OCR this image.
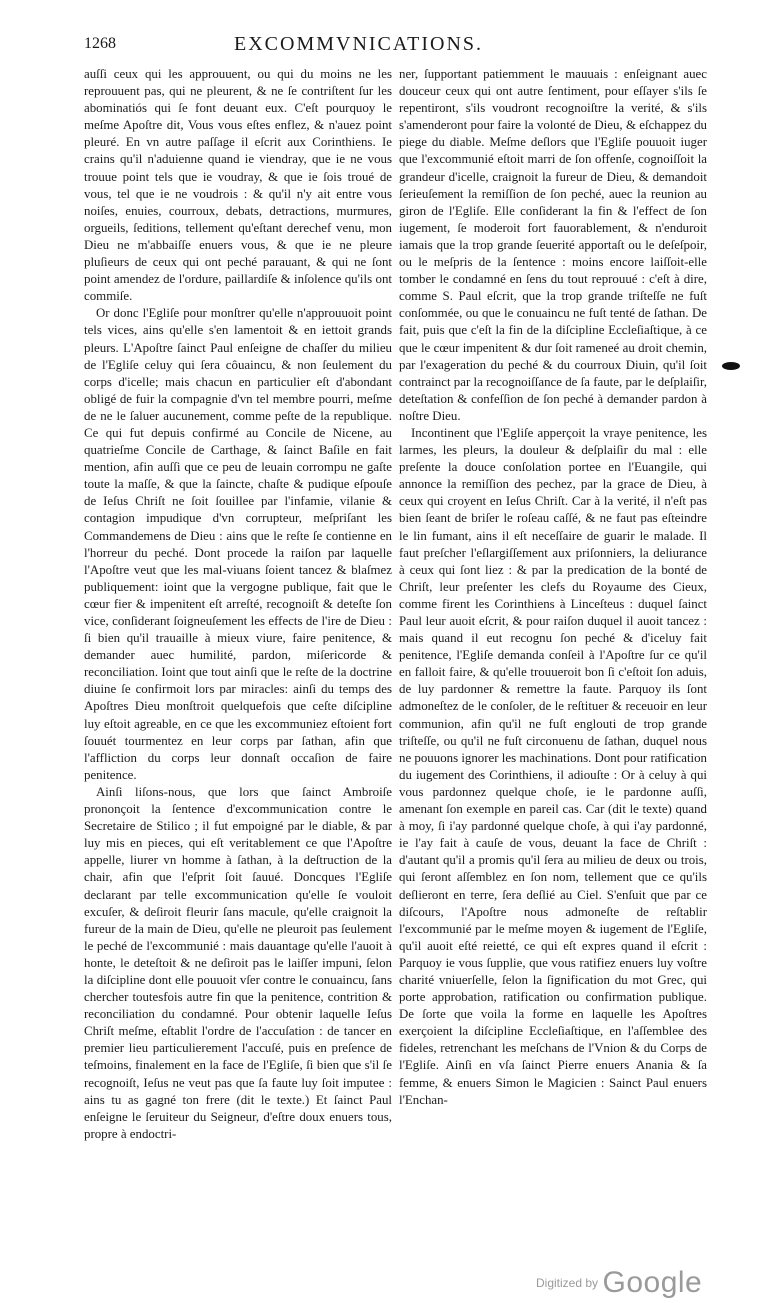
1268	EXCOMMVNICATIONS.

auſſi ceux qui les approuuent, ou qui du moins ne les reprouuent pas, qui ne pleurent, & ne ſe contriſtent ſur les abominatiós qui ſe font deuant eux. C'eſt pourquoy le meſme Apoſtre dit, Vous vous eſtes enflez, & n'auez point pleuré. En vn autre paſſage il eſcrit aux Corinthiens. Ie crains qu'il n'aduienne quand ie viendray, que ie ne vous trouue point tels que ie voudray, & que ie ſois troué de vous, tel que ie ne voudrois : & qu'il n'y ait entre vous noiſes, enuies, courroux, debats, detractions, murmures, orgueils, ſeditions, tellement qu'eſtant derechef venu, mon Dieu ne m'abbaiſſe enuers vous, & que ie ne pleure pluſieurs de ceux qui ont peché parauant, & qui ne ſont point amendez de l'ordure, paillardiſe & inſolence qu'ils ont commiſe.

Or donc l'Egliſe pour monſtrer qu'elle n'approuuoit point tels vices, ains qu'elle s'en lamentoit & en iettoit grands pleurs. L'Apoſtre ſainct Paul enſeigne de chaſſer du milieu de l'Egliſe celuy qui ſera côuaincu, & non ſeulement du corps d'icelle; mais chacun en particulier eſt d'abondant obligé de fuir la compagnie d'vn tel membre pourri, meſme de ne le ſaluer aucunement, comme peſte de la republique. Ce qui fut depuis confirmé au Concile de Nicene, au quatrieſme Concile de Carthage, & ſainct Baſile en fait mention, afin auſſi que ce peu de leuain corrompu ne gaſte toute la maſſe, & que la ſaincte, chaſte & pudique eſpouſe de Ieſus Chriſt ne ſoit ſouillee par l'infamie, vilanie & contagion impudique d'vn corrupteur, meſpriſant les Commandemens de Dieu : ains que le reſte ſe contienne en l'horreur du peché. Dont procede la raiſon par laquelle l'Apoſtre veut que les mal-viuans ſoient tancez & blaſmez publiquement: ioint que la vergogne publique, fait que le cœur fier & impenitent eſt arreſté, recognoiſt & deteſte ſon vice, conſiderant ſoigneuſement les effects de l'ire de Dieu : ſi bien qu'il trauaille à mieux viure, faire penitence, & demander auec humilité, pardon, miſericorde & reconciliation. Ioint que tout ainſi que le reſte de la doctrine diuine ſe confirmoit lors par miracles: ainſi du temps des Apoſtres Dieu monſtroit quelquefois que ceſte diſcipline luy eſtoit agreable, en ce que les excommuniez eſtoient fort ſouuét tourmentez en leur corps par ſathan, afin que l'affliction du corps leur donnaſt occaſion de faire penitence.

Ainſi liſons-nous, que lors que ſainct Ambroiſe prononçoit la ſentence d'excommunication contre le Secretaire de Stilico ; il fut empoigné par le diable, & par luy mis en pieces, qui eſt veritablement ce que l'Apoſtre appelle, liurer vn homme à ſathan, à la deſtruction de la chair, afin que l'eſprit ſoit ſauué. Doncques l'Egliſe declarant par telle excommunication qu'elle ſe vouloit excuſer, & deſiroit fleurir ſans macule, qu'elle craignoit la fureur de la main de Dieu, qu'elle ne pleuroit pas ſeulement le peché de l'excommunié : mais dauantage qu'elle l'auoit à honte, le deteſtoit & ne deſiroit pas le laiſſer impuni, ſelon la diſcipline dont elle pouuoit vſer contre le conuaincu, ſans chercher toutesfois autre fin que la penitence, contrition & reconciliation du condamné. Pour obtenir laquelle Ieſus Chriſt meſme, eſtablit l'ordre de l'accuſation : de tancer en premier lieu particulierement l'accuſé, puis en preſence de teſmoins, finalement en la face de l'Egliſe, ſi bien que s'il ſe recognoiſt, Ieſus ne veut pas que ſa faute luy ſoit imputee : ains tu as gagné ton frere (dit le texte.) Et ſainct Paul enſeigne le ſeruiteur du Seigneur, d'eſtre doux enuers tous, propre à endoctri-

ner, ſupportant patiemment le mauuais : enſeignant auec douceur ceux qui ont autre ſentiment, pour eſſayer s'ils ſe repentiront, s'ils voudront recognoiſtre la verité, & s'ils s'amenderont pour faire la volonté de Dieu, & eſchappez du piege du diable. Meſme deſlors que l'Egliſe pouuoit iuger que l'excommunié eſtoit marri de ſon offenſe, cognoiſſoit la grandeur d'icelle, craignoit la fureur de Dieu, & demandoit ſerieuſement la remiſſion de ſon peché, auec la reunion au giron de l'Egliſe. Elle conſiderant la fin & l'effect de ſon iugement, ſe moderoit fort fauorablement, & n'enduroit iamais que la trop grande ſeuerité apportaſt ou le deſeſpoir, ou le meſpris de la ſentence : moins encore laiſſoit-elle tomber le condamné en ſens du tout reprouué : c'eſt à dire, comme S. Paul eſcrit, que la trop grande triſteſſe ne fuſt conſommée, ou que le conuaincu ne fuſt tenté de ſathan. De fait, puis que c'eſt la fin de la diſcipline Eccleſiaſtique, à ce que le cœur impenitent & dur ſoit rameneé au droit chemin, par l'exageration du peché & du courroux Diuin, qu'il ſoit contrainct par la recognoiſſance de ſa faute, par le deſplaiſir, deteſtation & confeſſion de ſon peché à demander pardon à noſtre Dieu.

Incontinent que l'Egliſe apperçoit la vraye penitence, les larmes, les pleurs, la douleur & deſplaiſir du mal : elle preſente la douce conſolation portee en l'Euangile, qui annonce la remiſſion des pechez, par la grace de Dieu, à ceux qui croyent en Ieſus Chriſt. Car à la verité, il n'eſt pas bien ſeant de briſer le roſeau caſſé, & ne faut pas eſteindre le lin fumant, ains il eſt neceſſaire de guarir le malade. Il faut preſcher l'eſlargiſſement aux priſonniers, la deliurance à ceux qui ſont liez : & par la predication de la bonté de Chriſt, leur preſenter les clefs du Royaume des Cieux, comme firent les Corinthiens à Linceſteus : duquel ſainct Paul leur auoit eſcrit, & pour raiſon duquel il auoit tancez : mais quand il eut recognu ſon peché & d'iceluy fait penitence, l'Egliſe demanda conſeil à l'Apoſtre ſur ce qu'il en falloit faire, & qu'elle trouueroit bon ſi c'eſtoit ſon aduis, de luy pardonner & remettre la faute. Parquoy ils ſont admoneſtez de le conſoler, de le reſtituer & receuoir en leur communion, afin qu'il ne fuſt englouti de trop grande triſteſſe, ou qu'il ne fuſt circonuenu de ſathan, duquel nous ne pouuons ignorer les machinations. Dont pour ratification du iugement des Corinthiens, il adiouſte : Or à celuy à qui vous pardonnez quelque choſe, ie le pardonne auſſi, amenant ſon exemple en pareil cas. Car (dit le texte) quand à moy, ſi i'ay pardonné quelque choſe, à qui i'ay pardonné, ie l'ay fait à cauſe de vous, deuant la face de Chriſt : d'autant qu'il a promis qu'il ſera au milieu de deux ou trois, qui ſeront aſſemblez en ſon nom, tellement que ce qu'ils deſlieront en terre, ſera deſlié au Ciel. S'enſuit que par ce diſcours, l'Apoſtre nous admoneſte de reſtablir l'excommunié par le meſme moyen & iugement de l'Egliſe, qu'il auoit eſté reietté, ce qui eſt expres quand il eſcrit : Parquoy ie vous ſupplie, que vous ratifiez enuers luy voſtre charité vniuerſelle, ſelon la ſignification du mot Grec, qui porte approbation, ratification ou confirmation publique. De ſorte que voila la forme en laquelle les Apoſtres exerçoient la diſcipline Eccleſiaſtique, en l'aſſemblee des fideles, retrenchant les meſchans de l'Vnion & du Corps de l'Egliſe. Ainſi en vſa ſainct Pierre enuers Anania & ſa femme, & enuers Simon le Magicien : Sainct Paul enuers l'Enchan-

Digitized by Google
